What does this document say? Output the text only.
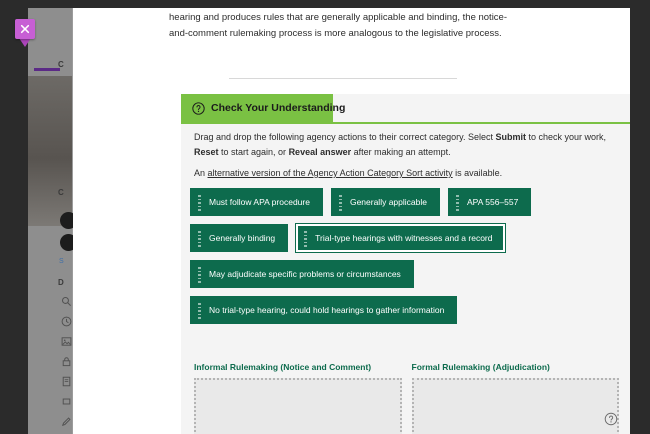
C
C
S
D
hearing and produces rules that are generally applicable and binding, the notice-and-comment rulemaking process is more analogous to the legislative process.
Check Your Understanding
Drag and drop the following agency actions to their correct category. Select Submit to check your work, Reset to start again, or Reveal answer after making an attempt.
An alternative version of the Agency Action Category Sort activity is available.
Must follow APA procedure	Generally applicable	APA 556–557
Generally binding	Trial-type hearings with witnesses and a record
May adjudicate specific problems or circumstances
No trial-type hearing, could hold hearings to gather information
Informal Rulemaking (Notice and Comment)	Formal Rulemaking (Adjudication)
